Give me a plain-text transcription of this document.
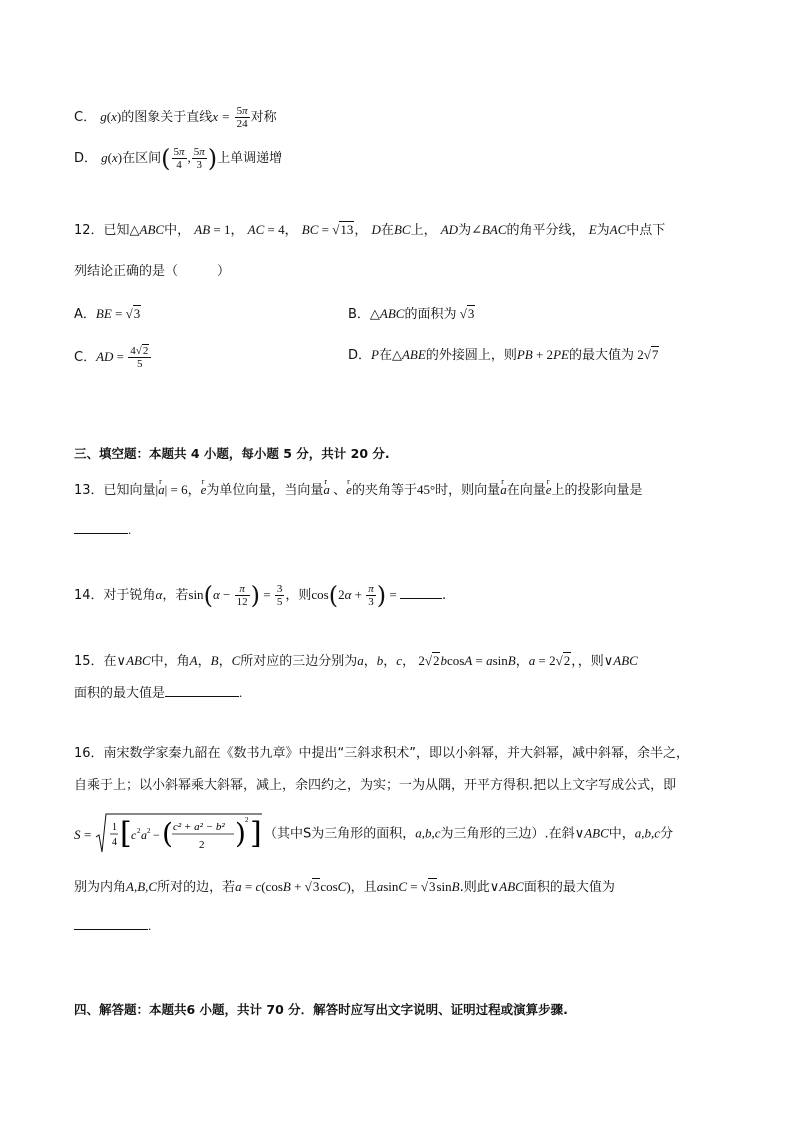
C． g(x)的图象关于直线$x = \frac{5\pi}{24}$ 对称
D． g(x)在区间( $\frac{5\pi}{4}$ , $\frac{5\pi}{3}$ )上单调递增
12．已知△ABC中， AB = 1， AC = 4， BC = √13， D在BC上， AD为∠BAC的角平分线， E为AC中点下
列结论正确的是（　　　）
A．BE = √3	B．△ABC的面积为 √3
C．AD = $\frac{4√2}{5}$	D．P在△ABE的外接圆上，则PB + 2PE的最大值为 2√7
三、填空题：本题共 4 小题，每小题 5 分，共计 20 分.
13．已知向量|r a| = 6，r e为单位向量，当向量r a 、r e的夹角等于45°时，则向量r a在向量r e上的投影向量是
.
14．对于锐角α，若$\sin(\alpha - \frac{\pi}{12}$ ) = $\frac{3}{5}$ ，则$\cos(2\alpha + \frac{\pi}{3}$ ) =	.
15．在∨ABC中，角A，B，C所对应的三边分别为a，b，c， 2√2bcosA = asinB，a = 2√2，，则∨ABC
面积的最大值是	.
16．南宋数学家秦九韶在《数书九章》中提出“三斜求积术”，即以小斜幂，并大斜幂，减中斜幂，余半之，
自乘于上；以小斜幂乘大斜幂，减上，余四约之，为实；一为从隅，开平方得积.把以上文字写成公式，即
S = 1
4 [ c 2 a 2 − ( c² + a² − b²
2 ) 2 ] （其中S为三角形的面积，a,b,c为三角形的三边）.在斜∨ABC中，a,b,c分
别为内角A,B,C所对的边，若a = c(cosB + √3cosC)，且asinC = √3sinB.则此∨ABC面积的最大值为
.
四、解答题：本题共6 小题，共计 70 分．解答时应写出文字说明、证明过程或演算步骤.
